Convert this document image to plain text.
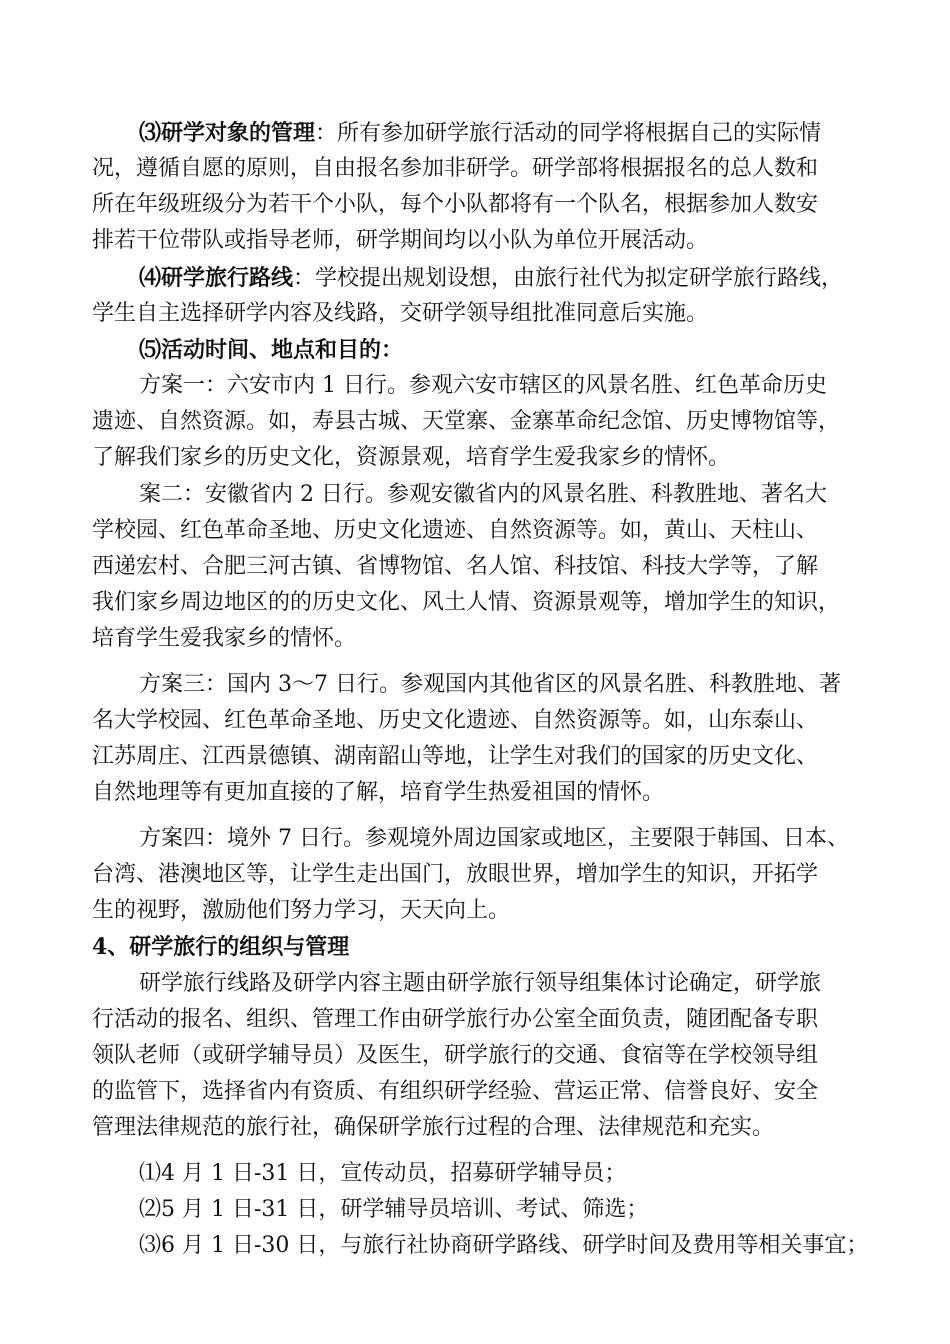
⑶研学对象的管理：所有参加研学旅行活动的同学将根据自己的实际情

况，遵循自愿的原则，自由报名参加非研学。研学部将根据报名的总人数和

所在年级班级分为若干个小队，每个小队都将有一个队名，根据参加人数安

排若干位带队或指导老师，研学期间均以小队为单位开展活动。

⑷研学旅行路线：学校提出规划设想，由旅行社代为拟定研学旅行路线，

学生自主选择研学内容及线路，交研学领导组批准同意后实施。

⑸活动时间、地点和目的：

方案一：六安市内 1 日行。参观六安市辖区的风景名胜、红色革命历史

遗迹、自然资源。如，寿县古城、天堂寨、金寨革命纪念馆、历史博物馆等，

了解我们家乡的历史文化，资源景观，培育学生爱我家乡的情怀。

案二：安徽省内 2 日行。参观安徽省内的风景名胜、科教胜地、著名大

学校园、红色革命圣地、历史文化遗迹、自然资源等。如，黄山、天柱山、

西递宏村、合肥三河古镇、省博物馆、名人馆、科技馆、科技大学等，了解

我们家乡周边地区的的历史文化、风土人情、资源景观等，增加学生的知识，

培育学生爱我家乡的情怀。

方案三：国内 3～7 日行。参观国内其他省区的风景名胜、科教胜地、著

名大学校园、红色革命圣地、历史文化遗迹、自然资源等。如，山东泰山、

江苏周庄、江西景德镇、湖南韶山等地，让学生对我们的国家的历史文化、

自然地理等有更加直接的了解，培育学生热爱祖国的情怀。

方案四：境外 7 日行。参观境外周边国家或地区，主要限于韩国、日本、

台湾、港澳地区等，让学生走出国门，放眼世界，增加学生的知识，开拓学

生的视野，激励他们努力学习，天天向上。

4、研学旅行的组织与管理

研学旅行线路及研学内容主题由研学旅行领导组集体讨论确定，研学旅

行活动的报名、组织、管理工作由研学旅行办公室全面负责，随团配备专职

领队老师（或研学辅导员）及医生，研学旅行的交通、食宿等在学校领导组

的监管下，选择省内有资质、有组织研学经验、营运正常、信誉良好、安全

管理法律规范的旅行社，确保研学旅行过程的合理、法律规范和充实。

⑴4 月 1 日-31 日，宣传动员，招募研学辅导员；

⑵5 月 1 日-31 日，研学辅导员培训、考试、筛选；

⑶6 月 1 日-30 日，与旅行社协商研学路线、研学时间及费用等相关事宜；
